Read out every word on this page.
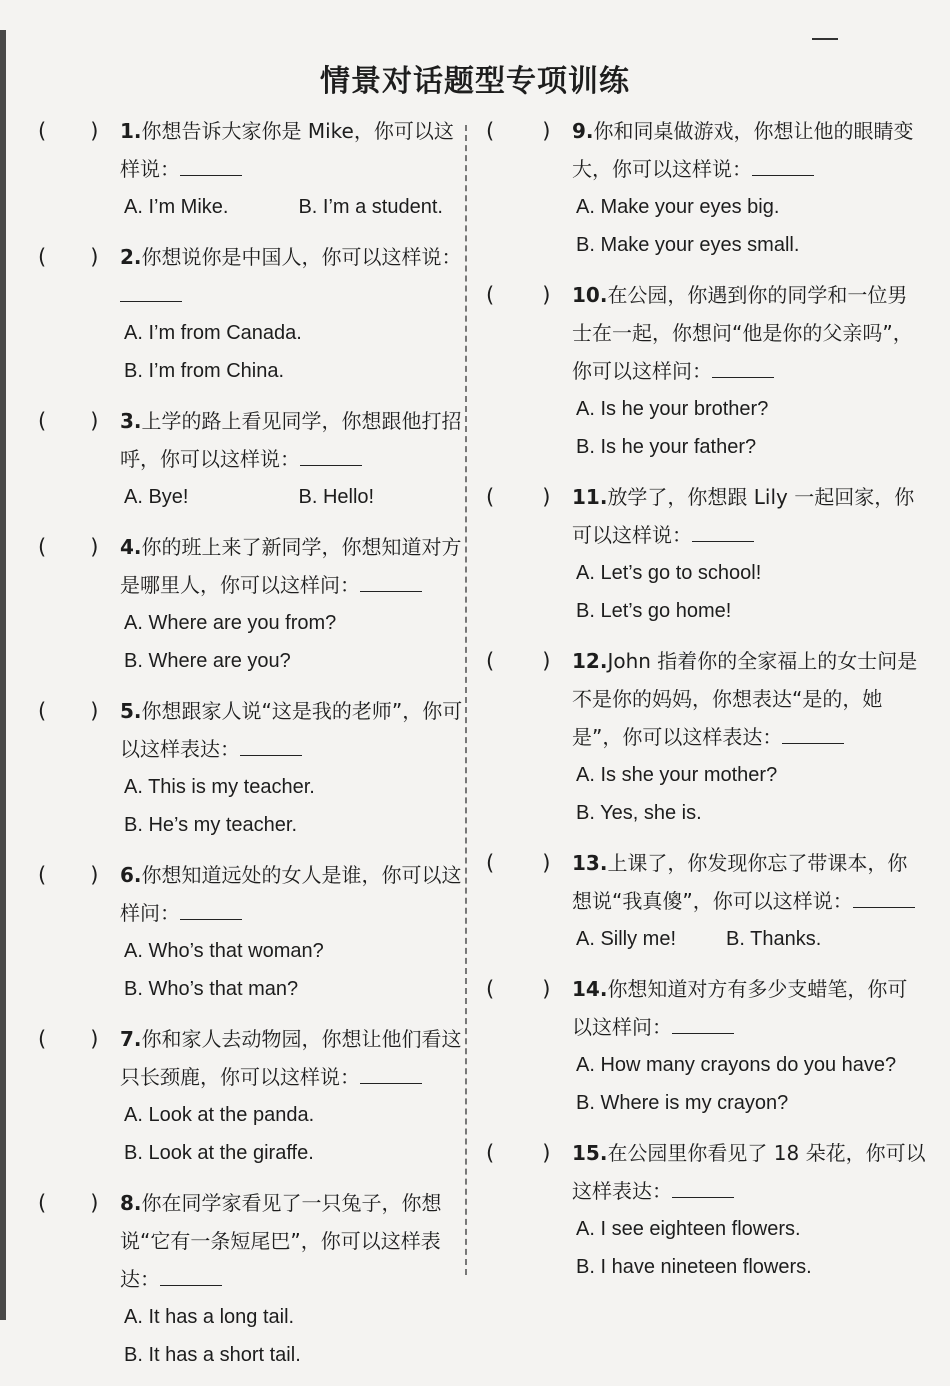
情景对话题型专项训练
( ) 1.你想告诉大家你是 Mike，你可以这样说：
A. I’m Mike.	B. I’m a student.
( ) 2.你想说你是中国人，你可以这样说：

A. I’m from Canada.
B. I’m from China.
( ) 3.上学的路上看见同学，你想跟他打招呼，你可以这样说：
A. Bye!	B. Hello!
( ) 4.你的班上来了新同学，你想知道对方是哪里人，你可以这样问：
A. Where are you from?
B. Where are you?
( ) 5.你想跟家人说“这是我的老师”，你可以这样表达：
A. This is my teacher.
B. He’s my teacher.
( ) 6.你想知道远处的女人是谁，你可以这样问：
A. Who’s that woman?
B. Who’s that man?
( ) 7.你和家人去动物园，你想让他们看这只长颈鹿，你可以这样说：
A. Look at the panda.
B. Look at the giraffe.
( ) 8.你在同学家看见了一只兔子，你想说“它有一条短尾巴”，你可以这样表达：
A. It has a long tail.
B. It has a short tail.
( ) 9.你和同桌做游戏，你想让他的眼睛变大，你可以这样说：
A. Make your eyes big.
B. Make your eyes small.
( ) 10.在公园，你遇到你的同学和一位男士在一起，你想问“他是你的父亲吗”，你可以这样问：
A. Is he your brother?
B. Is he your father?
( ) 11.放学了，你想跟 Lily 一起回家，你可以这样说：
A. Let’s go to school!
B. Let’s go home!
( ) 12.John 指着你的全家福上的女士问是不是你的妈妈，你想表达“是的，她是”，你可以这样表达：
A. Is she your mother?
B. Yes, she is.
( ) 13.上课了，你发现你忘了带课本，你想说“我真傻”，你可以这样说：
A. Silly me!	B. Thanks.
( ) 14.你想知道对方有多少支蜡笔，你可以这样问：
A. How many crayons do you have?
B. Where is my crayon?
( ) 15.在公园里你看见了 18 朵花，你可以这样表达：
A. I see eighteen flowers.
B. I have nineteen flowers.
